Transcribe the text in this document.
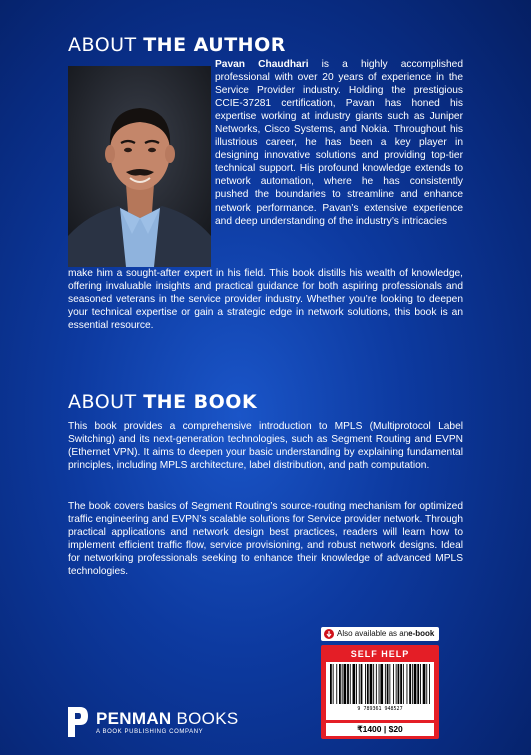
ABOUT THE AUTHOR
Pavan Chaudhari is a highly accomplished professional with over 20 years of experience in the Service Provider industry. Holding the prestigious CCIE-37281 certification, Pavan has honed his expertise working at industry giants such as Juniper Networks, Cisco Systems, and Nokia. Throughout his illustrious career, he has been a key player in designing innovative solutions and providing top-tier technical support. His profound knowledge extends to network automation, where he has consistently pushed the boundaries to streamline and enhance network performance. Pavan’s extensive experience and deep understanding of the industry’s intricacies
make him a sought-after expert in his field. This book distills his wealth of knowledge, offering invaluable insights and practical guidance for both aspiring professionals and seasoned veterans in the service provider industry. Whether you’re looking to deepen your technical expertise or gain a strategic edge in network solutions, this book is an essential resource.
ABOUT THE BOOK
This book provides a comprehensive introduction to MPLS (Multiprotocol Label Switching) and its next-generation technologies, such as Segment Routing and EVPN (Ethernet VPN). It aims to deepen your basic understanding by explaining fundamental principles, including MPLS architecture, label distribution, and path computation.
The book covers basics of Segment Routing’s source-routing mechanism for optimized traffic engineering and EVPN’s scalable solutions for Service provider network. Through practical applications and network design best practices, readers will learn how to implement efficient traffic flow, service provisioning, and robust network designs. Ideal for networking professionals seeking to enhance their knowledge of advanced MPLS technologies.
Also available as an e-book
SELF HELP
9 789361 948527
₹1400 | $20
PENMAN BOOKS
A BOOK PUBLISHING COMPANY
